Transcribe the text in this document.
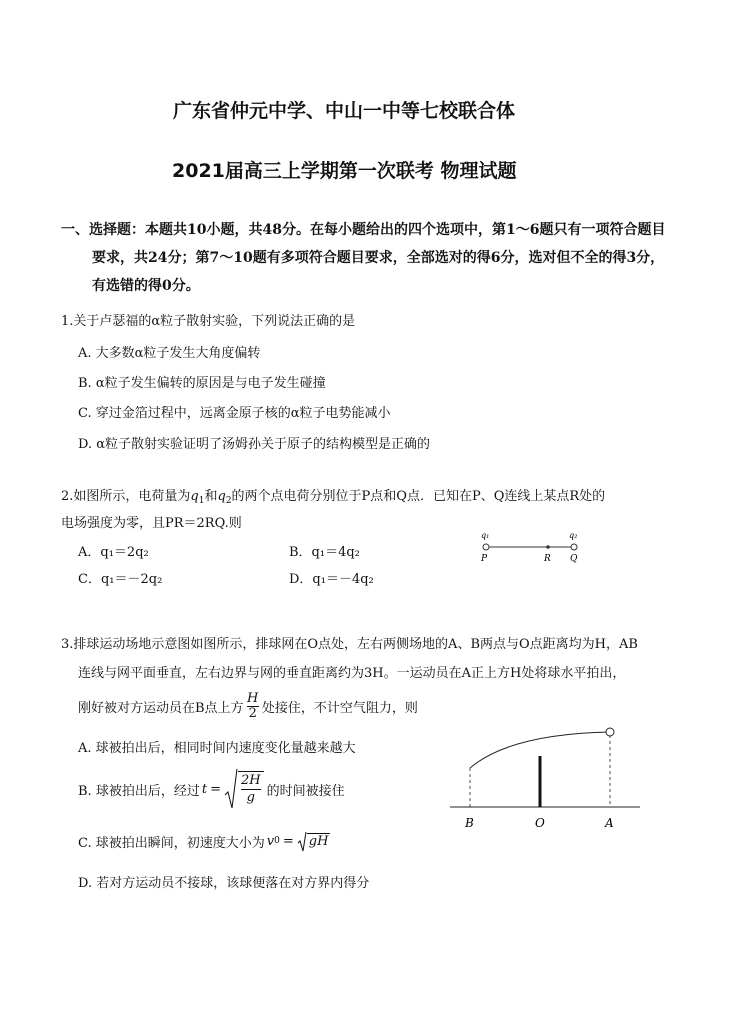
广东省仲元中学、中山一中等七校联合体
2021届高三上学期第一次联考 物理试题
一、选择题：本题共10小题，共48分。在每小题给出的四个选项中，第1～6题只有一项符合题目
要求，共24分；第7～10题有多项符合题目要求，全部选对的得6分，选对但不全的得3分，
有选错的得0分。
1.关于卢瑟福的α粒子散射实验，下列说法正确的是
A. 大多数α粒子发生大角度偏转
B. α粒子发生偏转的原因是与电子发生碰撞
C. 穿过金箔过程中，远离金原子核的α粒子电势能减小
D. α粒子散射实验证明了汤姆孙关于原子的结构模型是正确的
2.如图所示，电荷量为$q_1$和$q_2$的两个点电荷分别位于P点和Q点．已知在P、Q连线上某点R处的
电场强度为零，且PR＝2RQ.则
A．q₁＝2q₂	B．q₁＝4q₂
C．q₁＝－2q₂	D．q₁＝－4q₂
q₁	q₂
P	R Q
3.排球运动场地示意图如图所示，排球网在O点处，左右两侧场地的A、B两点与O点距离均为H，AB
连线与网平面垂直，左右边界与网的垂直距离约为3H。一运动员在A正上方H处将球水平拍出，
刚好被对方运动员在B点上方 $\frac{H}{2}$ 处接住，不计空气阻力，则
A. 球被拍出后，相同时间内速度变化量越来越大
B. 球被拍出后，经过 $t = \frac{2H}{g}$ 的时间被接住
C. 球被拍出瞬间，初速度大小为 v 0 = gH
D. 若对方运动员不接球，该球便落在对方界内得分
B	O	A
